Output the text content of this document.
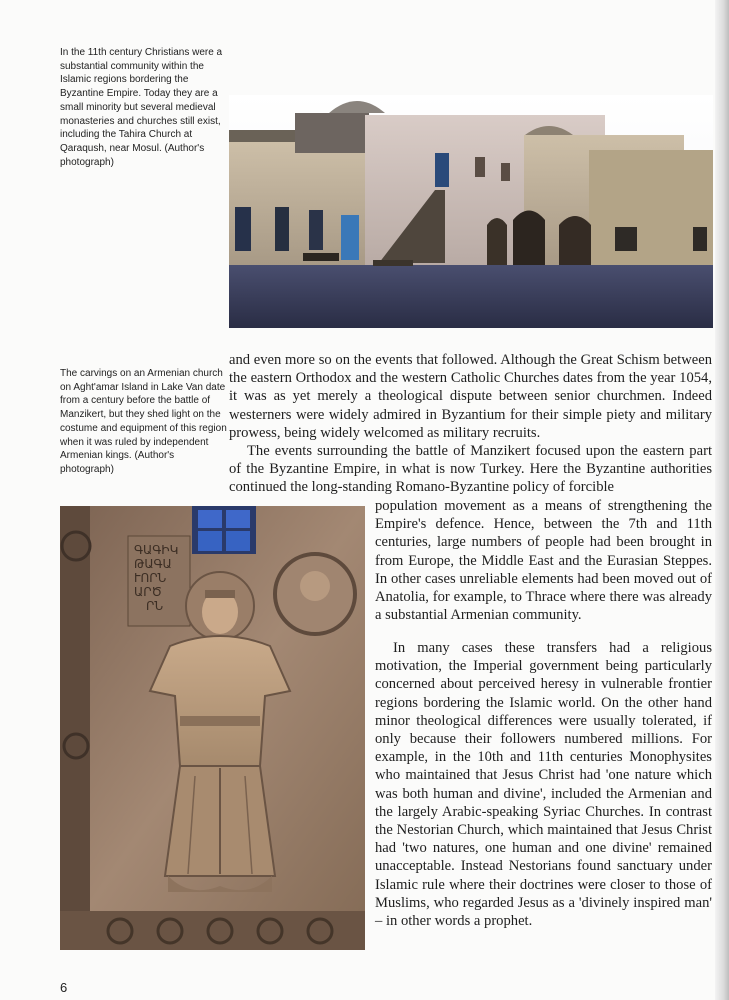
In the 11th century Christians were a substantial community within the Islamic regions bordering the Byzantine Empire. Today they are a small minority but several medieval monasteries and churches still exist, including the Tahira Church at Qaraqush, near Mosul. (Author's photograph)
The carvings on an Armenian church on Aght'amar Island in Lake Van date from a century before the battle of Manzikert, but they shed light on the costume and equipment of this region when it was ruled by independent Armenian kings. (Author's photograph)
ԳԱԳԻԿ
ԹԱԳԱ
ՒՈՐՆ
ԱՐԾ
ՐՆ

and even more so on the events that followed. Although the Great Schism between the eastern Orthodox and the western Catholic Churches dates from the year 1054, it was as yet merely a theological dispute between senior churchmen. Indeed westerners were widely admired in Byzantium for their simple piety and military prowess, being widely welcomed as military recruits.

The events surrounding the battle of Manzikert focused upon the eastern part of the Byzantine Empire, in what is now Turkey. Here the Byzantine authorities continued the long-standing Romano-Byzantine policy of forcible

population movement as a means of strengthening the Empire's defence. Hence, between the 7th and 11th centuries, large numbers of people had been brought in from Europe, the Middle East and the Eurasian Steppes. In other cases unreliable elements had been moved out of Anatolia, for example, to Thrace where there was already a substantial Armenian community.

In many cases these transfers had a religious motivation, the Imperial government being particularly concerned about perceived heresy in vulnerable frontier regions bordering the Islamic world. On the other hand minor theological differences were usually tolerated, if only because their followers numbered millions. For example, in the 10th and 11th centuries Monophysites who maintained that Jesus Christ had 'one nature which was both human and divine', included the Armenian and the largely Arabic-speaking Syriac Churches. In contrast the Nestorian Church, which maintained that Jesus Christ had 'two natures, one human and one divine' remained unacceptable. Instead Nestorians found sanctuary under Islamic rule where their doctrines were closer to those of Muslims, who regarded Jesus as a 'divinely inspired man' – in other words a prophet.

6
